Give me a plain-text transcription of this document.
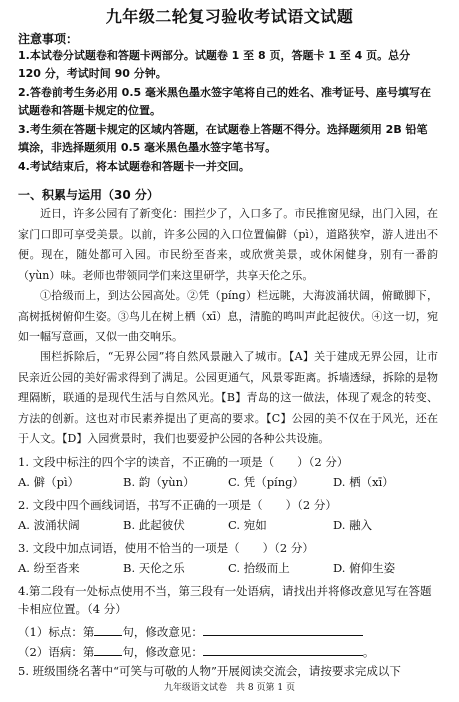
九年级二轮复习验收考试语文试题
注意事项：
1.本试卷分试题卷和答题卡两部分。试题卷 1 至 8 页，答题卡 1 至 4 页。总分 120 分，考试时间 90 分钟。
2.答卷前考生务必用 0.5 毫米黑色墨水签字笔将自己的姓名、准考证号、座号填写在试题卷和答题卡规定的位置。
3.考生须在答题卡规定的区域内答题，在试题卷上答题不得分。选择题须用 2B 铅笔填涂，非选择题须用 0.5 毫米黑色墨水签字笔书写。
4.考试结束后，将本试题卷和答题卡一并交回。
一、积累与运用（30 分）
近日，许多公园有了新变化：围拦少了，入口多了。市民推窗见绿，出门入园，在家门口即可享受美景。以前，许多公园的入口位置偏僻（pì），道路狭窄，游人进出不便。现在，随处都可入园。市民纷至沓来，或欣赏美景，或休闲健身，别有一番韵（yùn）味。老师也带领同学们来这里研学，共享天伦之乐。
①拾级而上，到达公园高处。②凭（pínɡ）栏远眺，大海波涌状阔，俯瞰脚下，高树抵树俯仰生姿。③鸟儿在树上栖（xī）息，清脆的鸣叫声此起彼伏。④这一切，宛如一幅写意画，又似一曲交响乐。
围栏拆除后，“无界公园”将自然风景融入了城市。【A】关于建成无界公园，让市民亲近公园的美好需求得到了满足。公园更通气，风景零距离。拆墙透绿，拆除的是物理隔断，联通的是现代生活与自然风光。【B】青岛的这一做法，体现了观念的转变、方法的创新。这也对市民素养提出了更高的要求。【C】公园的美不仅在于风光，还在于人文。【D】入园赏景时，我们也要爱护公园的各种公共设施。
1. 文段中标注的四个字的读音，不正确的一项是（　　）（2 分）
A. 僻（pì）	B. 韵（yùn）	C. 凭（pínɡ）	D. 栖（xī）
2. 文段中四个画线词语，书写不正确的一项是（　　）（2 分）
A. 波涌状阔	B. 此起彼伏	C. 宛如	D. 融入
3. 文段中加点词语，使用不恰当的一项是（　　）（2 分）
A. 纷至沓来	B. 天伦之乐	C. 拾级而上	D. 俯仰生姿
4.第二段有一处标点使用不当，第三段有一处语病，请找出并将修改意见写在答题卡相应位置。（4 分）
（1）标点：第 句，修改意见：
（2）语病：第 句，修改意见：	。
5. 班级围绕名著中“可笑与可敬的人物”开展阅读交流会，请按要求完成以下
九年级语文试卷　共 8 页第 1 页
